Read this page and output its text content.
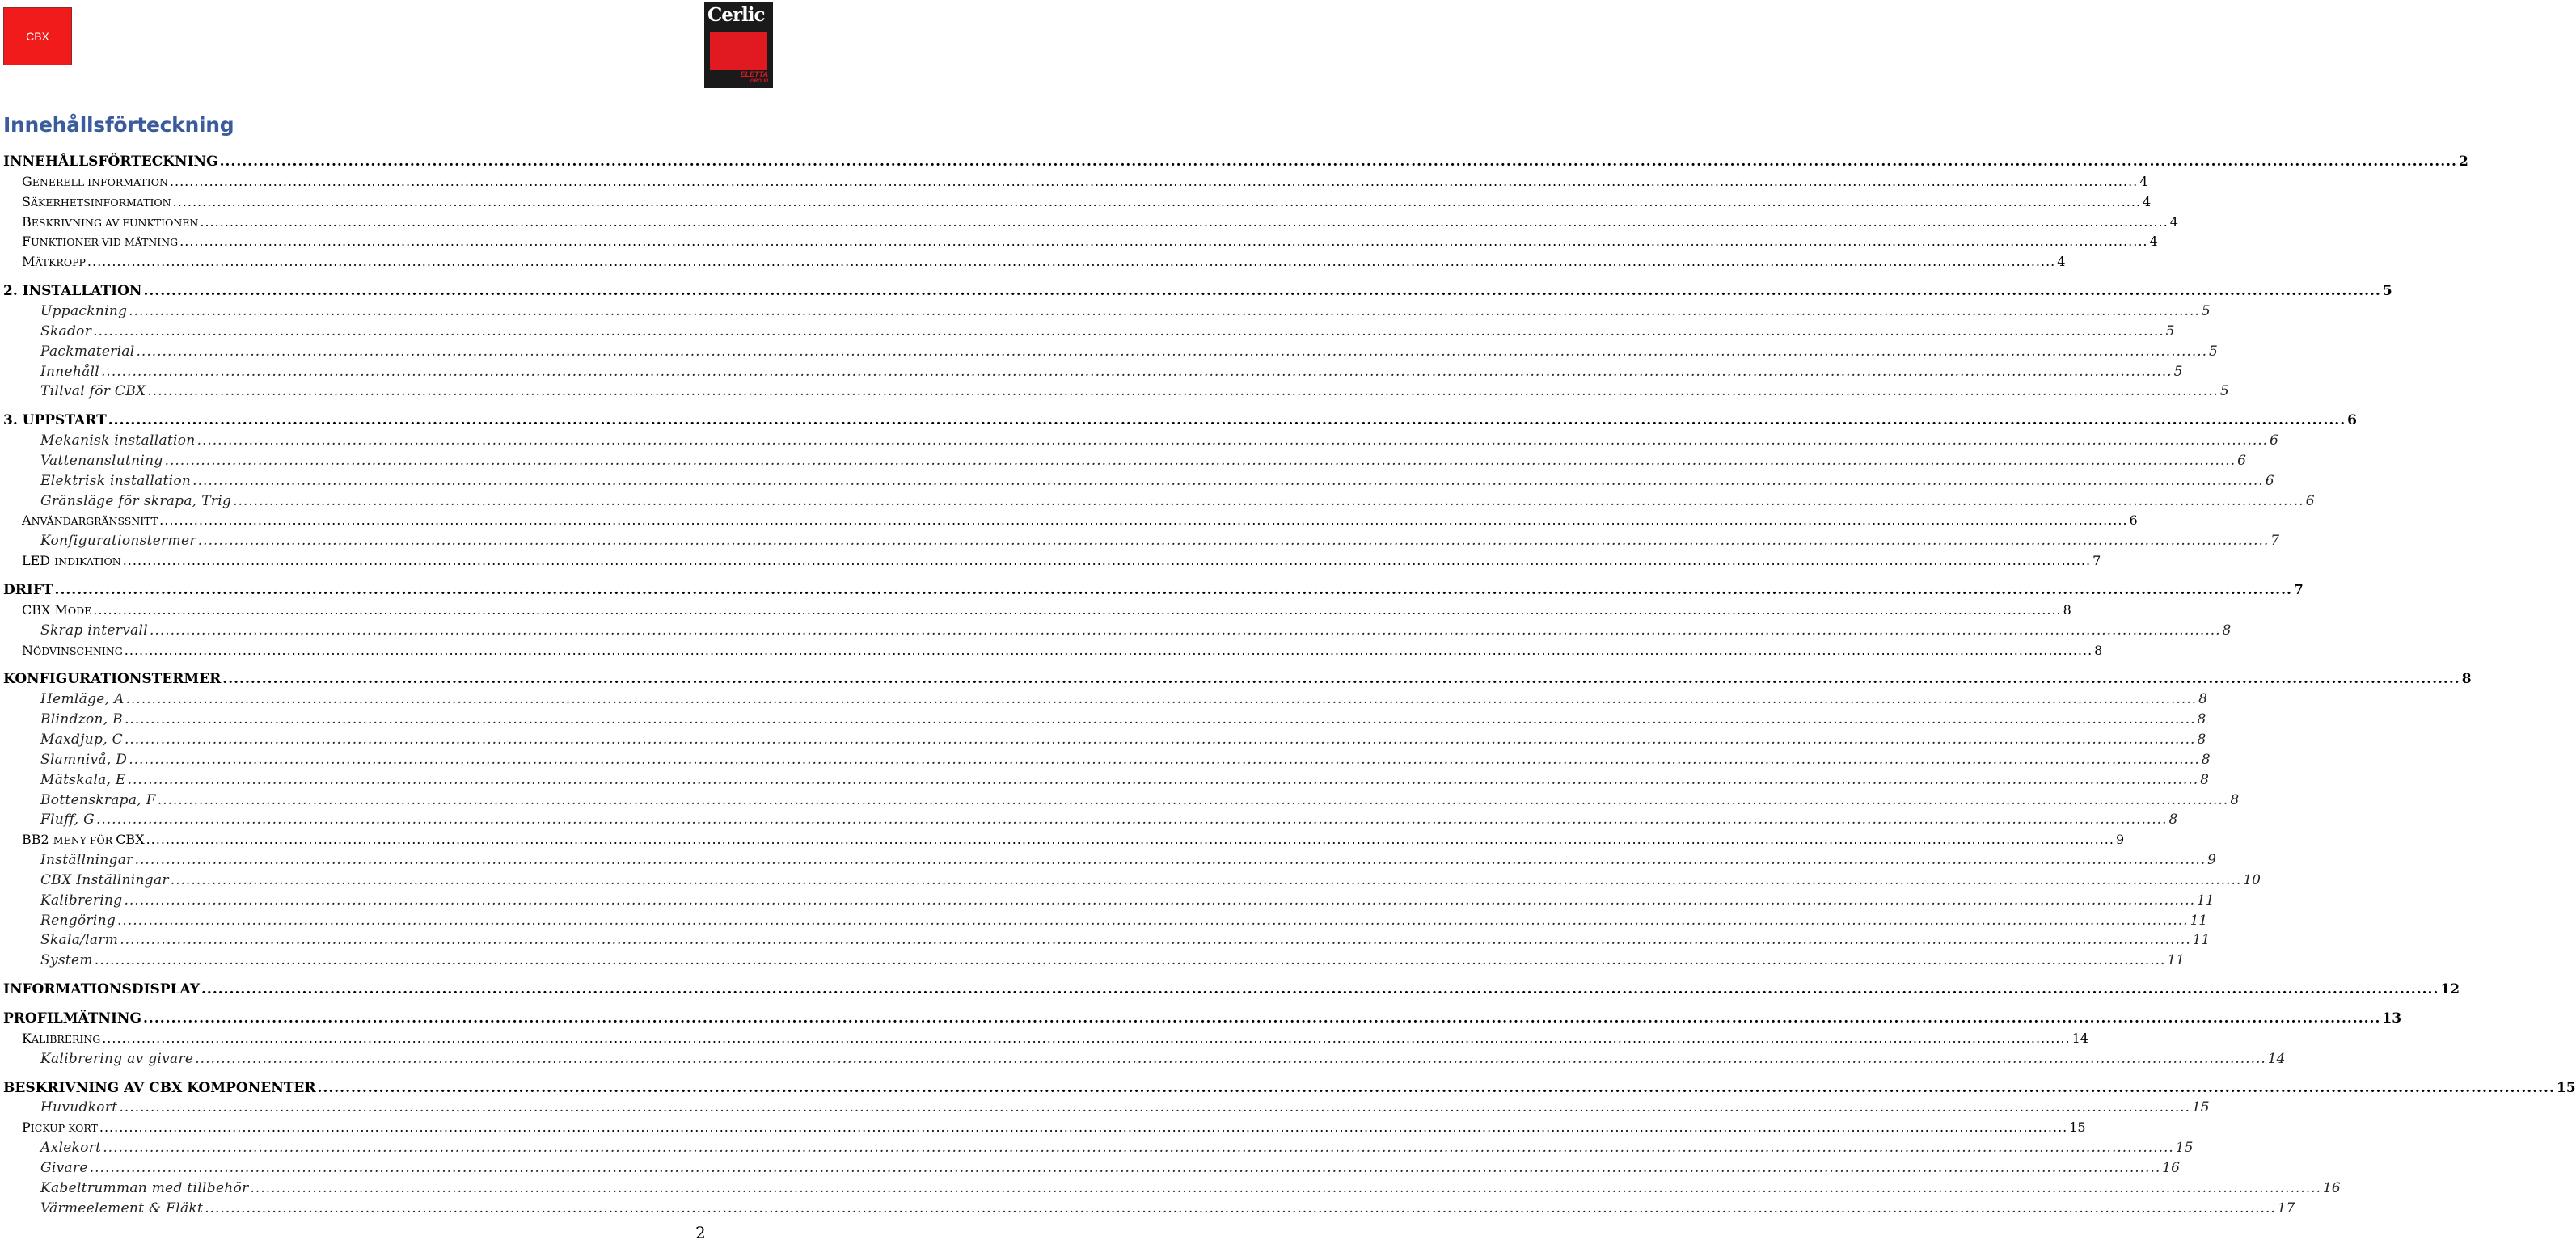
CBX
Cerlic
ELETTA
GROUP
Innehållsförteckning
INNEHÅLLSFÖRTECKNING ................................................................................................................................................................................................................................................................................................................................................................................................................ 2
GENERELL INFORMATION ................................................................................................................................................................................................................................................................................................................................................................................................................ 4
SÄKERHETSINFORMATION ................................................................................................................................................................................................................................................................................................................................................................................................................ 4
BESKRIVNING AV FUNKTIONEN ................................................................................................................................................................................................................................................................................................................................................................................................................ 4
FUNKTIONER VID MÄTNING ................................................................................................................................................................................................................................................................................................................................................................................................................ 4
MÄTKROPP ................................................................................................................................................................................................................................................................................................................................................................................................................ 4
2. INSTALLATION ................................................................................................................................................................................................................................................................................................................................................................................................................ 5
Uppackning ................................................................................................................................................................................................................................................................................................................................................................................................................ 5
Skador ................................................................................................................................................................................................................................................................................................................................................................................................................ 5
Packmaterial ................................................................................................................................................................................................................................................................................................................................................................................................................ 5
Innehåll ................................................................................................................................................................................................................................................................................................................................................................................................................ 5
Tillval för CBX ................................................................................................................................................................................................................................................................................................................................................................................................................ 5
3. UPPSTART ................................................................................................................................................................................................................................................................................................................................................................................................................ 6
Mekanisk installation ................................................................................................................................................................................................................................................................................................................................................................................................................ 6
Vattenanslutning ................................................................................................................................................................................................................................................................................................................................................................................................................ 6
Elektrisk installation ................................................................................................................................................................................................................................................................................................................................................................................................................ 6
Gränsläge för skrapa, Trig ................................................................................................................................................................................................................................................................................................................................................................................................................ 6
ANVÄNDARGRÄNSSNITT ................................................................................................................................................................................................................................................................................................................................................................................................................ 6
Konfigurationstermer ................................................................................................................................................................................................................................................................................................................................................................................................................ 7
LED INDIKATION ................................................................................................................................................................................................................................................................................................................................................................................................................ 7
DRIFT ................................................................................................................................................................................................................................................................................................................................................................................................................ 7
CBX MODE ................................................................................................................................................................................................................................................................................................................................................................................................................ 8
Skrap intervall ................................................................................................................................................................................................................................................................................................................................................................................................................ 8
NÖDVINSCHNING ................................................................................................................................................................................................................................................................................................................................................................................................................ 8
KONFIGURATIONSTERMER ................................................................................................................................................................................................................................................................................................................................................................................................................ 8
Hemläge, A ................................................................................................................................................................................................................................................................................................................................................................................................................ 8
Blindzon, B ................................................................................................................................................................................................................................................................................................................................................................................................................ 8
Maxdjup, C ................................................................................................................................................................................................................................................................................................................................................................................................................ 8
Slamnivå, D ................................................................................................................................................................................................................................................................................................................................................................................................................ 8
Mätskala, E ................................................................................................................................................................................................................................................................................................................................................................................................................ 8
Bottenskrapa, F ................................................................................................................................................................................................................................................................................................................................................................................................................ 8
Fluff, G ................................................................................................................................................................................................................................................................................................................................................................................................................ 8
BB2 MENY FÖR CBX ................................................................................................................................................................................................................................................................................................................................................................................................................ 9
Inställningar ................................................................................................................................................................................................................................................................................................................................................................................................................ 9
CBX Inställningar ................................................................................................................................................................................................................................................................................................................................................................................................................ 10
Kalibrering ................................................................................................................................................................................................................................................................................................................................................................................................................ 11
Rengöring ................................................................................................................................................................................................................................................................................................................................................................................................................ 11
Skala/larm ................................................................................................................................................................................................................................................................................................................................................................................................................ 11
System ................................................................................................................................................................................................................................................................................................................................................................................................................ 11
INFORMATIONSDISPLAY ................................................................................................................................................................................................................................................................................................................................................................................................................ 12
PROFILMÄTNING ................................................................................................................................................................................................................................................................................................................................................................................................................ 13
KALIBRERING ................................................................................................................................................................................................................................................................................................................................................................................................................ 14
Kalibrering av givare ................................................................................................................................................................................................................................................................................................................................................................................................................ 14
BESKRIVNING AV CBX KOMPONENTER ................................................................................................................................................................................................................................................................................................................................................................................................................ 15
Huvudkort ................................................................................................................................................................................................................................................................................................................................................................................................................ 15
PICKUP KORT ................................................................................................................................................................................................................................................................................................................................................................................................................ 15
Axlekort ................................................................................................................................................................................................................................................................................................................................................................................................................ 15
Givare ................................................................................................................................................................................................................................................................................................................................................................................................................ 16
Kabeltrumman med tillbehör ................................................................................................................................................................................................................................................................................................................................................................................................................ 16
Värmeelement & Fläkt ................................................................................................................................................................................................................................................................................................................................................................................................................ 17
2
